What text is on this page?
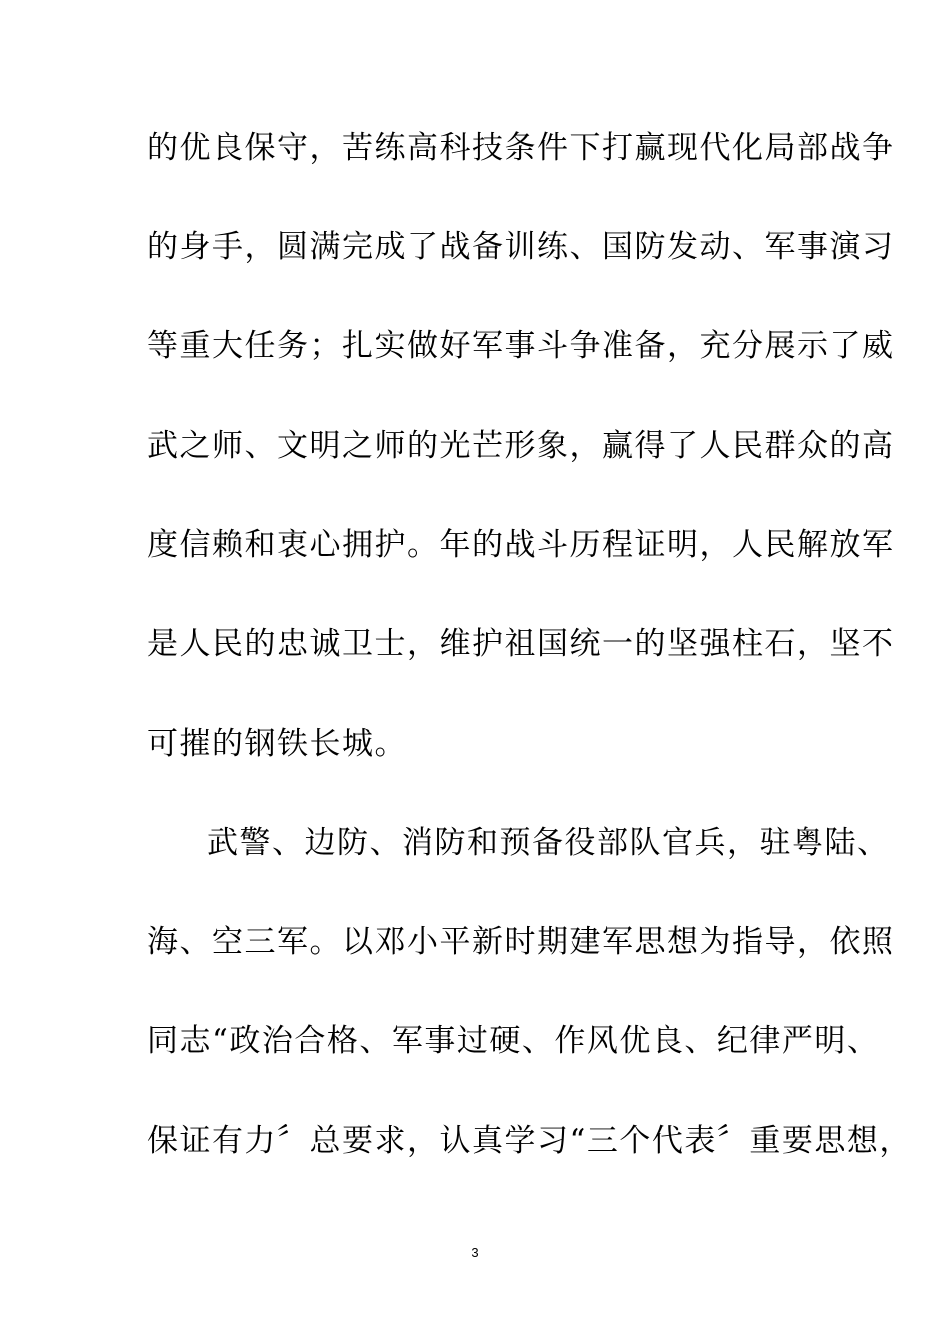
的优良保守，苦练高科技条件下打赢现代化局部战争
的身手，圆满完成了战备训练、国防发动、军事演习
等重大任务；扎实做好军事斗争准备，充分展示了威
武之师、文明之师的光芒形象，赢得了人民群众的高
度信赖和衷心拥护。年的战斗历程证明，人民解放军
是人民的忠诚卫士，维护祖国统一的坚强柱石，坚不
可摧的钢铁长城。
武警、边防、消防和预备役部队官兵，驻粤陆、
海、空三军。以邓小平新时期建军思想为指导，依照
同志“政治合格、军事过硬、作风优良、纪律严明、
保证有力〞总要求，认真学习“三个代表〞重要思想，
3
